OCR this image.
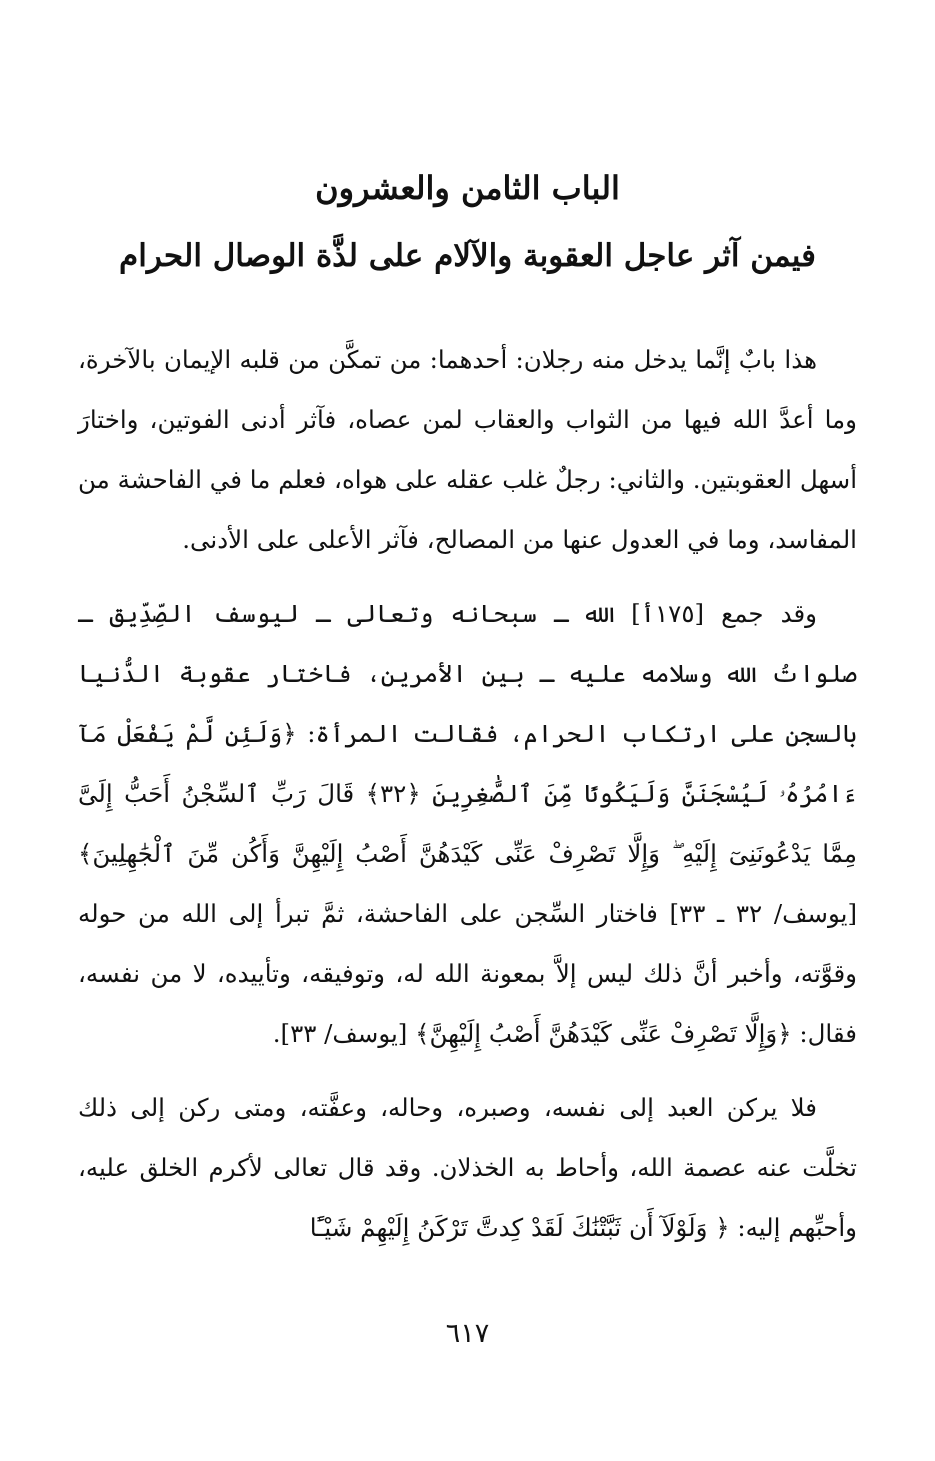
الباب الثامن والعشرون
فيمن آثر عاجل العقوبة والآلام على لذَّة الوصال الحرام

هذا بابٌ إنَّما يدخل منه رجلان: أحدهما: من تمكَّن من قلبه الإيمان بالآخرة، وما أعدَّ الله فيها من الثواب والعقاب لمن عصاه، فآثر أدنى الفوتين، واختارَ أسهل العقوبتين. والثاني: رجلٌ غلب عقله على هواه، فعلم ما في الفاحشة من المفاسد، وما في العدول عنها من المصالح، فآثر الأعلى على الأدنى.

وقد جمع [١٧٥أ] الله ـ سبحانه وتعالى ـ ليوسف الصِّدِّيق ـ صلواتُ الله وسلامه عليه ـ بين الأمرين، فاختار عقوبة الدُّنيا بالسجن على ارتكاب الحرام، فقالت المرأة: ﴿وَلَئِن لَّمْ يَفْعَلْ مَآ ءَامُرُهُۥ لَيُسْجَنَنَّ وَلَيَكُونًا مِّنَ ٱلصَّٰغِرِينَ ﴿٣٢﴾ قَالَ رَبِّ ٱلسِّجْنُ أَحَبُّ إِلَىَّ مِمَّا يَدْعُونَنِىٓ إِلَيْهِ ۖ وَإِلَّا تَصْرِفْ عَنِّى كَيْدَهُنَّ أَصْبُ إِلَيْهِنَّ وَأَكُن مِّنَ ٱلْجَٰهِلِينَ﴾ [يوسف/ ٣٢ ـ ٣٣] فاختار السِّجن على الفاحشة، ثمَّ تبرأ إلى الله من حوله وقوَّته، وأخبر أنَّ ذلك ليس إلاَّ بمعونة الله له، وتوفيقه، وتأييده، لا من نفسه، فقال: ﴿وَإِلَّا تَصْرِفْ عَنِّى كَيْدَهُنَّ أَصْبُ إِلَيْهِنَّ﴾ [يوسف/ ٣٣].

فلا يركن العبد إلى نفسه، وصبره، وحاله، وعفَّته، ومتى ركن إلى ذلك تخلَّت عنه عصمة الله، وأحاط به الخذلان. وقد قال تعالى لأكرم الخلق عليه، وأحبِّهم إليه: ﴿ وَلَوْلَآ أَن ثَبَّتْنَٰكَ لَقَدْ كِدتَّ تَرْكَنُ إِلَيْهِمْ شَيْـًٔا

٦١٧
